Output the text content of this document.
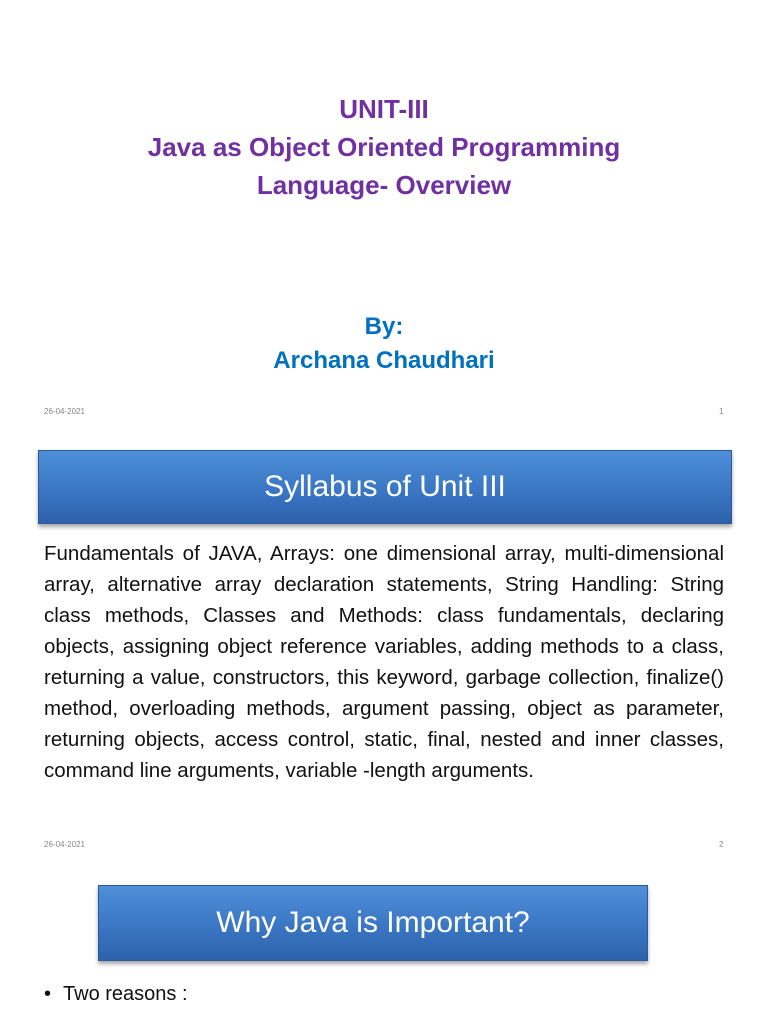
UNIT-III
Java as Object Oriented Programming
Language- Overview
By:
Archana Chaudhari
26-04-2021	1
Syllabus of Unit III
Fundamentals of JAVA, Arrays: one dimensional array, multi-dimensional array, alternative array declaration statements, String Handling: String class methods, Classes and Methods: class fundamentals, declaring objects, assigning object reference variables, adding methods to a class, returning a value, constructors, this keyword, garbage collection, finalize() method, overloading methods, argument passing, object as parameter, returning objects, access control, static, final, nested and inner classes, command line arguments, variable -length arguments.
26-04-2021	2
Why Java is Important?
• Two reasons :
